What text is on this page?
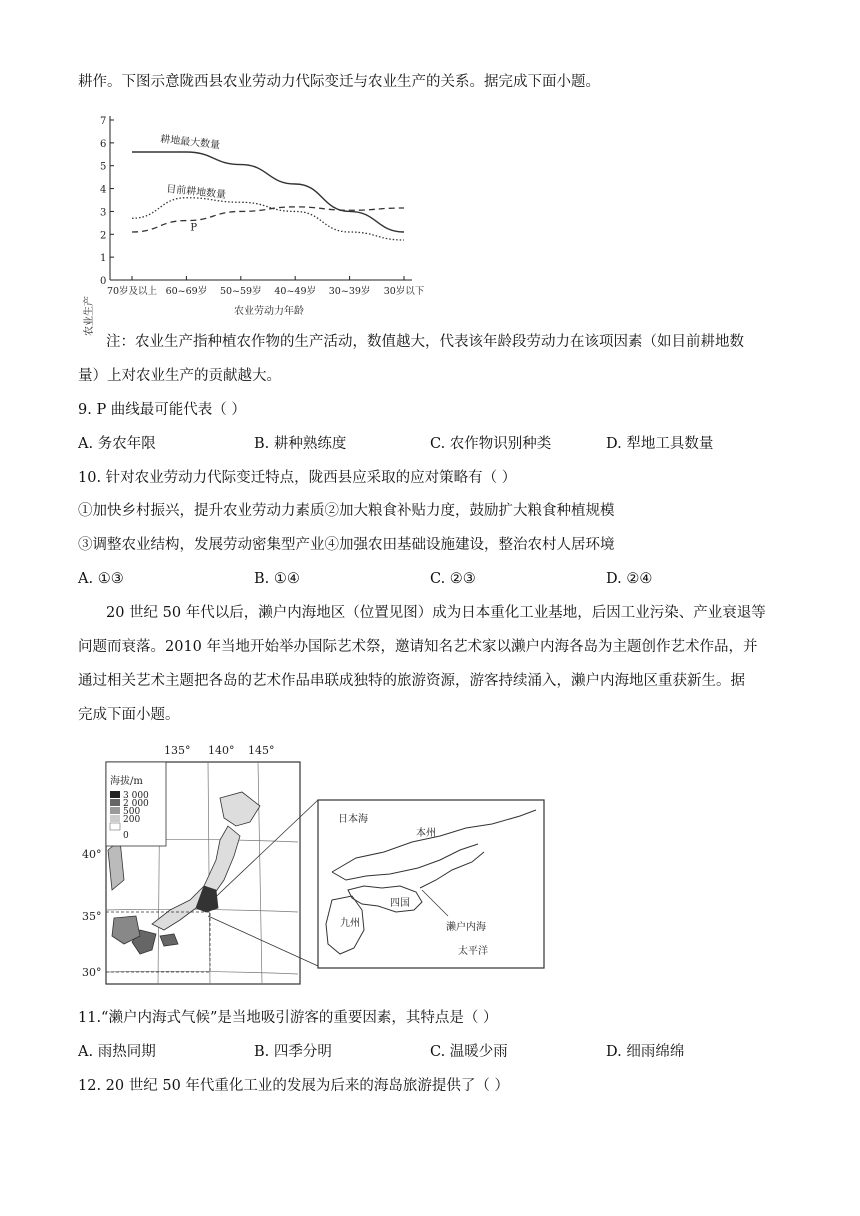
耕作。下图示意陇西县农业劳动力代际变迁与农业生产的关系。据完成下面小题。
0
1
2
3
4
5
6
7
70岁及以上 60~69岁 50~59岁 40~49岁 30~39岁 30岁以下
耕地最大数量
目前耕地数量
P
农业生产	农业劳动力年龄
注：农业生产指种植农作物的生产活动，数值越大，代表该年龄段劳动力在该项因素（如目前耕地数
量）上对农业生产的贡献越大。
9. P 曲线最可能代表（ ）
A. 务农年限	B. 耕种熟练度	C. 农作物识别种类	D. 犁地工具数量
10. 针对农业劳动力代际变迁特点，陇西县应采取的应对策略有（ ）
①加快乡村振兴，提升农业劳动力素质②加大粮食补贴力度，鼓励扩大粮食种植规模
③调整农业结构，发展劳动密集型产业④加强农田基础设施建设，整治农村人居环境
A. ①③	B. ①④	C. ②③	D. ②④
20 世纪 50 年代以后，濑户内海地区（位置见图）成为日本重化工业基地，后因工业污染、产业衰退等
问题而衰落。2010 年当地开始举办国际艺术祭，邀请知名艺术家以濑户内海各岛为主题创作艺术作品，并
通过相关艺术主题把各岛的艺术作品串联成独特的旅游资源，游客持续涌入，濑户内海地区重获新生。据
完成下面小题。
海拔/m
3 000
2 000
500
200
0
135° 140° 145°
40°
35°
30°
日本海
本州
四国
濑户内海
九州
太平洋
11.“濑户内海式气候”是当地吸引游客的重要因素，其特点是（ ）
A. 雨热同期	B. 四季分明	C. 温暖少雨	D. 细雨绵绵
12. 20 世纪 50 年代重化工业的发展为后来的海岛旅游提供了（ ）
